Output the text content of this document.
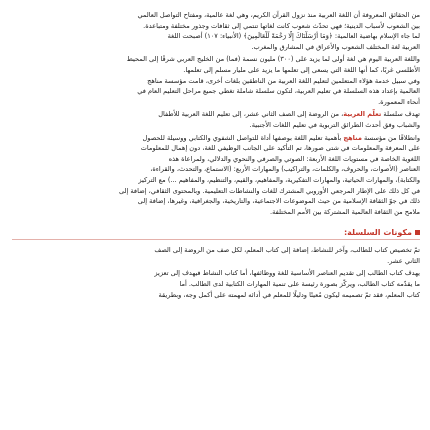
من الحقائق المعروفة أن اللغة العربية منذ نزول القرآن الكريم، وهي لغة عالمية، ومفتاح التواصل العالمي
بين الشعوب لأسباب الدينية؛ فهي تحدّث شعوب كانت لغاتها تنتمي إلى ثقافات وجذور مختلفة ومتباعدة.
لما جاء الإسلام بهاضية العالمية: ﴿وَمَا أَرْسَلْنَاكَ إِلَّا رَحْمَةً لِّلْعَالَمِينَ﴾ (الأنبياء: ١٠٧) أصبحت اللغة
العربية لغة المختلف الشعوب والأعراق في المشارق والمغرب.
واللغة العربية اليوم هي لغة أولى لما يزيد على (٣٠٠) مليون نسمة (فما) من الخليج العربي شرقًا إلى المحيط
الأطلسي غربًا، كما أنها اللغة التي يسعى إلى تعلمها ما يزيد على مليار مسلم إلى تعلمها.
وفي سبيل خدمة هؤلاء المتعلمين لتعليم اللغة العربية من الناطقين بلغات أخرى، قامت مؤسسة مناهج
العالمية بإعداد هذه السلسلة في تعليم العربية، لتكون سلسلة شاملة تغطي جميع مراحل التعليم العام في
أنحاء المعمورة.
تهدف سلسلة تعلّم العربية، من الروضة إلى الصف الثاني عشر، إلى تعليم اللغة العربية للأطفال
والشباب وفق أحدث الطرائق التربوية في تعليم اللغات الأجنبية.
وانطلاقًا من مؤسسة مناهج بأهمية تعليم اللغة بوصفها أداة للتواصل الشفوي والكتابي ووسيلة للحصول
على المعرفة والمعلومات في شتى صورها، تم التأكيد على الجانب الوظيفي للغة، دون إهمال للمعلومات
اللغوية الخاصة في مستويات اللغة الأربعة: الصوتي والصرفي والنحوي والدلالي، ولمراعاة هذه
العناصر (الأصوات، والحروف، والكلمات، والتراكيب) والمهارات الأربع: (الاستماع، والتحدث، والقراءة،
والكتابة)، والمهارات الحياتية، والمهارات التفكيرية، والمفاهيم، والقيم، والتنظيم، والمفاهيم ...) مع التركيز
في كل ذلك على الإطار المرجعي الأوروبي المشترك للغات والنشاطات التعليمية. وبالمحتوى الثقافي، إضافة إلى
ذلك في جوّ الثقافة الإسلامية من حيث الموضوعات الاجتماعية، والتاريخية، والجغرافية، وغيرها، إضافة إلى
ملامح من الثقافة العالمية المشتركة بين الأمم المختلفة.
مكونات السلسلة:
تمّ تخصيص كتاب للطالب، وآخر للنشاط، إضافة إلى كتاب المعلم، لكل صف من الروضة إلى الصف
الثاني عشر.
يهدف كتاب الطالب إلى تقديم العناصر الأساسية للغة ووظائفها، أما كتاب النشاط فيهدف إلى تعزيز
ما يقدّمه كتاب الطالب، ويركّز بصورة رئيسة على تنمية المهارات الكتابية لدى الطالب. أما
كتاب المعلم، فقد تمّ تصميمه ليكون مُعينًا ودليلًا للمعلم في أدائه لمهمته على أكمل وجه، وبطريقة
